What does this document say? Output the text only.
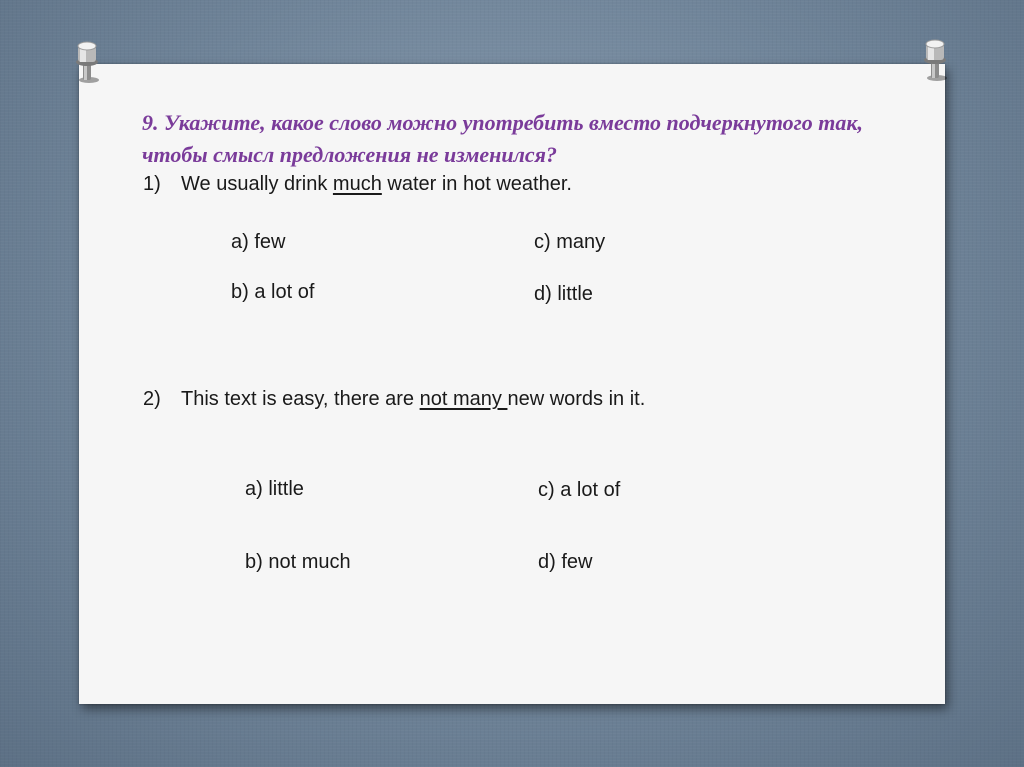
9. Укажите, какое слово можно употребить вместо подчеркнутого так, чтобы смысл предложения не изменился?

1) We usually drink much water in hot weather.
a) few
b) a lot of
c) many
d) little
2) This text is easy, there are not many new words in it.
a) little
b) not much
c) a lot of
d) few
